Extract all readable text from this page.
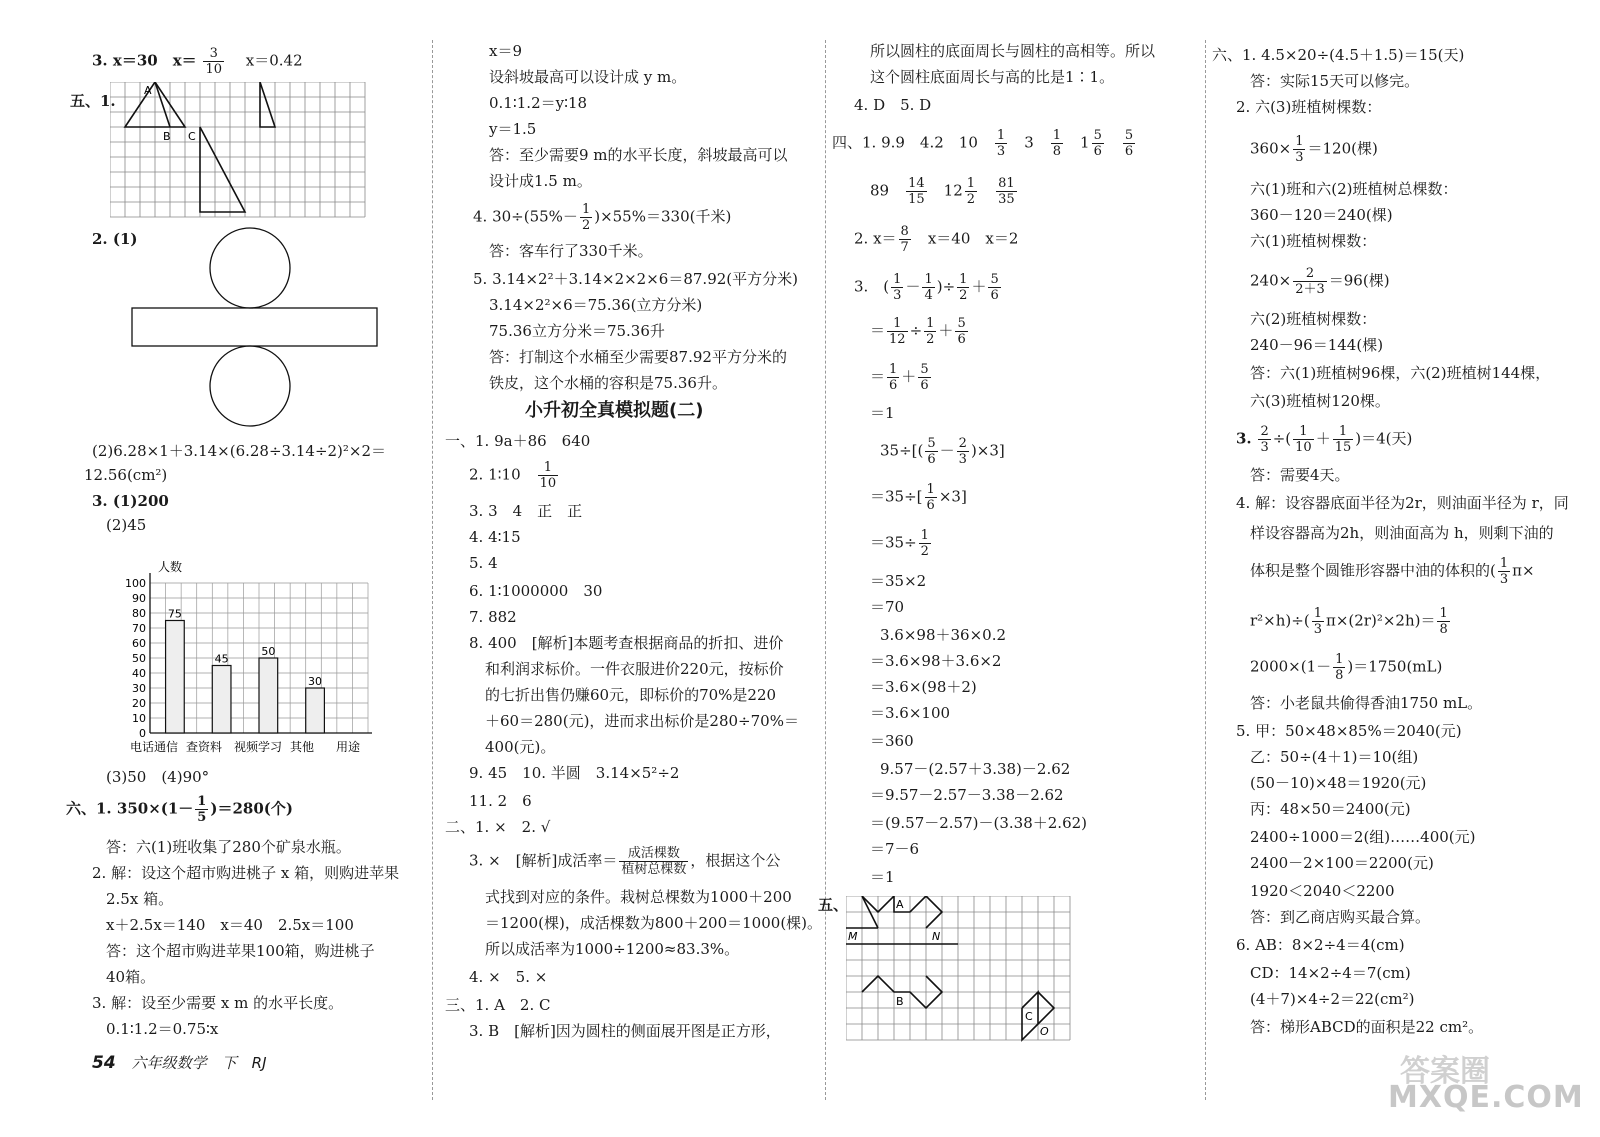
3. x＝30　$x= \frac{3}{10}$ 　x＝0.42
五、1.
A
B C
2. (1)
(2)6.28×1＋3.14×(6.28÷3.14÷2)²×2＝
12.56(cm²)
3. (1)200
(2)45
0
10
20
30
40
50
60
70
80
90
100
人数
75
45
50
30
电话通信 查资料 视频学习 其他 用途
(3)50　(4)90°
六、1. $350\times(1- \frac{1}{5} )=280$(个)
答：六(1)班收集了280个矿泉水瓶。
2. 解：设这个超市购进桃子 x 箱，则购进苹果
2.5x 箱。
x＋2.5x＝140　x＝40　2.5x＝100
答：这个超市购进苹果100箱，购进桃子
40箱。
3. 解：设至少需要 x m 的水平长度。
0.1∶1.2＝0.75∶x
x＝9
设斜坡最高可以设计成 y m。
0.1∶1.2＝y∶18
y＝1.5
答：至少需要9 m的水平长度，斜坡最高可以
设计成1.5 m。
4. $30\div(55\%- \frac{1}{2} )\times 55\%=330$(千米)
答：客车行了330千米。
5. 3.14×2²＋3.14×2×2×6＝87.92(平方分米)
3.14×2²×6＝75.36(立方分米)
75.36立方分米＝75.36升
答：打制这个水桶至少需要87.92平方分米的
铁皮，这个水桶的容积是75.36升。
小升初全真模拟题(二)
一、1. 9a＋86　640
2. 1∶10　 $\frac{1}{10}$
3. 3　4　正　正
4. 4∶15
5. 4
6. 1∶1000000　30
7. 882
8. 400　[解析]本题考查根据商品的折扣、进价
和利润求标价。一件衣服进价220元，按标价
的七折出售仍赚60元，即标价的70%是220
＋60＝280(元)，进而求出标价是280÷70%＝
400(元)。
9. 45　10. 半圆　3.14×5²÷2
11. 2　6
二、1. ×　2. √
3. ×　[解析]成活率＝ $\frac{\text{成活棵数}}{\text{植树总棵数}}$ ，根据这个公
式找到对应的条件。栽树总棵数为1000＋200
＝1200(棵)，成活棵数为800＋200＝1000(棵)。
所以成活率为1000÷1200≈83.3%。
4. ×　5. ×
三、1. A　2. C
3. B　[解析]因为圆柱的侧面展开图是正方形，
所以圆柱的底面周长与圆柱的高相等。所以
这个圆柱底面周长与高的比是1∶1。
4. D　5. D
四、1. 9.9　4.2　10　 $\frac{1}{3}$ 　3　 $\frac{1}{8}$
　 $1 \frac{5}{6}$
　 $\frac{5}{6}$
89　 $\frac{14}{15}$
　 $12 \frac{1}{2}$
　 $\frac{81}{35}$
2. $x= \frac{8}{7}$ 　x＝40　x＝2
3.　( $\frac{1}{3} - \frac{1}{4}$ )÷ $\frac{1}{2} + \frac{5}{6}$
＝ $\frac{1}{12} \div \frac{1}{2} + \frac{5}{6}$
＝ $\frac{1}{6} + \frac{5}{6}$
＝1
$35\div[( \frac{5}{6} - \frac{2}{3} )\times 3]$
$=35\div[ \frac{1}{6} \times 3]$
$=35\div \frac{1}{2}$
＝35×2
＝70
3.6×98＋36×0.2
＝3.6×98＋3.6×2
＝3.6×(98＋2)
＝3.6×100
＝360
9.57－(2.57＋3.38)－2.62
＝9.57－2.57－3.38－2.62
＝(9.57－2.57)－(3.38＋2.62)
＝7－6
＝1
五、	A
M	N
B
C
O
六、1. 4.5×20÷(4.5＋1.5)＝15(天)
答：实际15天可以修完。
2. 六(3)班植树棵数：
$360\times \frac{1}{3} =120$(棵)
六(1)班和六(2)班植树总棵数：
360－120＝240(棵)
六(1)班植树棵数：
$240\times \frac{2}{2+3} =96$(棵)
六(2)班植树棵数：
240－96＝144(棵)
答：六(1)班植树96棵，六(2)班植树144棵，
六(3)班植树120棵。
3. $\frac{2}{3}$ ÷( $\frac{1}{10} + \frac{1}{15} )=4$(天)
答：需要4天。
4. 解：设容器底面半径为2r，则油面半径为 r，同
样设容器高为2h，则油面高为 h，则剩下油的
体积是整个圆锥形容器中油的体积的( $\frac{1}{3} \pi\times$
$r^2\times h)\div( \frac{1}{3} \pi\times(2r)^2\times 2h)= \frac{1}{8}$
$2000\times(1- \frac{1}{8} )=1750(mL)$
答：小老鼠共偷得香油1750 mL。
5. 甲：50×48×85%＝2040(元)
乙：50÷(4＋1)＝10(组)
(50－10)×48＝1920(元)
丙：48×50＝2400(元)
2400÷1000＝2(组)……400(元)
2400－2×100＝2200(元)
1920＜2040＜2200
答：到乙商店购买最合算。
6. AB：8×2÷4＝4(cm)
CD：14×2÷4＝7(cm)
(4＋7)×4÷2＝22(cm²)
答：梯形ABCD的面积是22 cm²。
54 六年级数学　下　RJ	答案圈
MXQE.COM
